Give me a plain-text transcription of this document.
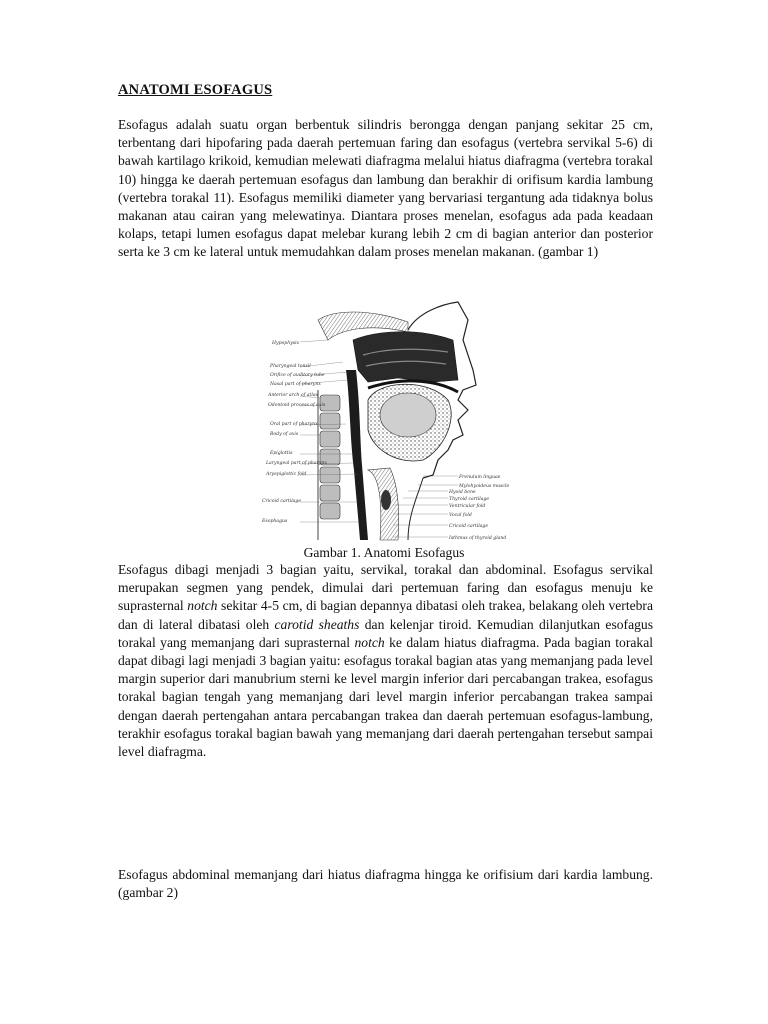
ANATOMI ESOFAGUS

Esofagus adalah suatu organ berbentuk silindris berongga dengan panjang sekitar 25 cm, terbentang dari hipofaring pada daerah pertemuan faring dan esofagus (vertebra servikal 5-6) di bawah kartilago krikoid, kemudian melewati diafragma melalui hiatus diafragma (vertebra torakal 10) hingga ke daerah pertemuan esofagus dan lambung dan berakhir di orifisum kardia lambung (vertebra torakal 11). Esofagus memiliki diameter yang bervariasi tergantung ada tidaknya bolus makanan atau cairan yang melewatinya. Diantara proses menelan, esofagus ada pada keadaan kolaps, tetapi lumen esofagus dapat melebar kurang lebih 2 cm di bagian anterior dan posterior serta ke 3 cm ke lateral untuk memudahkan dalam proses menelan makanan. (gambar 1)

Hypophysis
Pharyngeal tonsil
Orifice of auditory tube
Nasal part of pharynx
Anterior arch of atlas
Odontoid process of axis
Oral part of pharynx
Body of axis
Epiglottis
Laryngeal part of pharynx
Aryepiglottic fold
Cricoid cartilage
Esophagus
Frenulum linguae
Mylohyoideus muscle
Hyoid bone
Thyroid cartilage
Ventricular fold
Vocal fold
Cricoid cartilage
Isthmus of thyroid gland
Gambar 1. Anatomi Esofagus

Esofagus dibagi menjadi 3 bagian yaitu, servikal, torakal dan abdominal. Esofagus servikal merupakan segmen yang pendek, dimulai dari pertemuan faring dan esofagus menuju ke suprasternal notch sekitar 4-5 cm, di bagian depannya dibatasi oleh trakea, belakang oleh vertebra dan di lateral dibatasi oleh carotid sheaths dan kelenjar tiroid. Kemudian dilanjutkan esofagus torakal yang memanjang dari suprasternal notch ke dalam hiatus diafragma. Pada bagian torakal dapat dibagi lagi menjadi 3 bagian yaitu: esofagus torakal bagian atas yang memanjang pada level margin superior dari manubrium sterni ke level margin inferior dari percabangan trakea, esofagus torakal bagian tengah yang memanjang dari level margin inferior percabangan trakea sampai dengan daerah pertengahan antara percabangan trakea dan daerah pertemuan esofagus-lambung, terakhir esofagus torakal bagian bawah yang memanjang dari daerah pertengahan tersebut sampai level diafragma.

Esofagus abdominal memanjang dari hiatus diafragma hingga ke orifisium dari kardia lambung.(gambar 2)
